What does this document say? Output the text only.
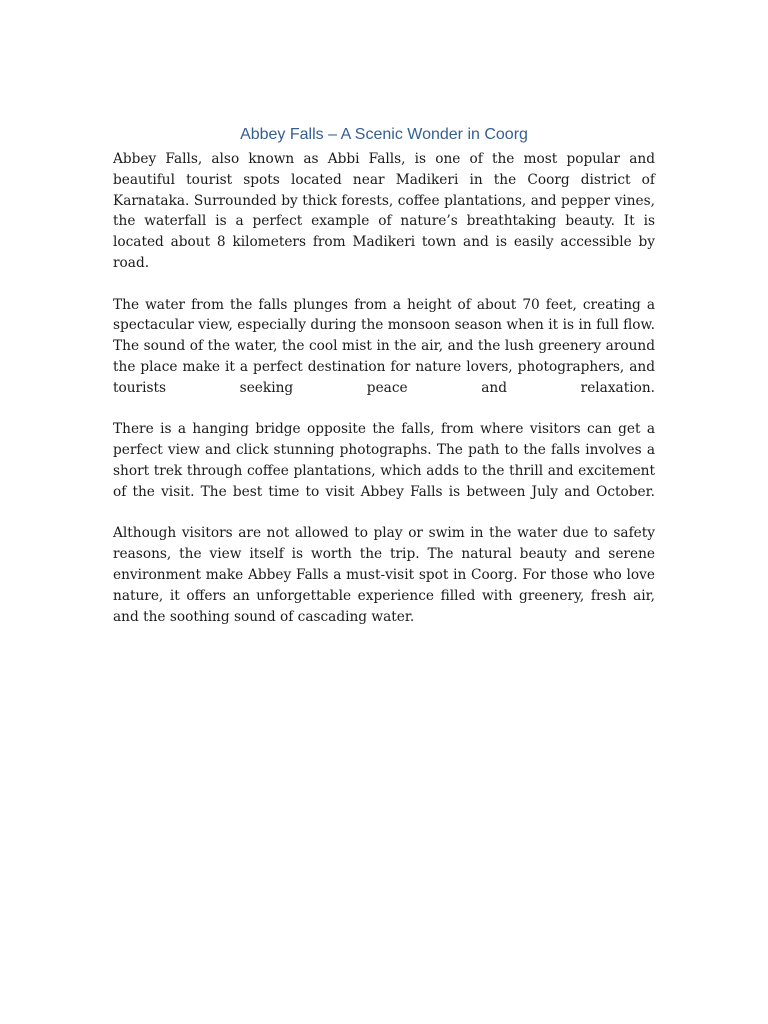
Abbey Falls – A Scenic Wonder in Coorg

Abbey Falls, also known as Abbi Falls, is one of the most popular and beautiful tourist spots located near Madikeri in the Coorg district of Karnataka. Surrounded by thick forests, coffee plantations, and pepper vines, the waterfall is a perfect example of nature’s breathtaking beauty. It is located about 8 kilometers from Madikeri town and is easily accessible by road.

The water from the falls plunges from a height of about 70 feet, creating a spectacular view, especially during the monsoon season when it is in full flow. The sound of the water, the cool mist in the air, and the lush greenery around the place make it a perfect destination for nature lovers, photographers, and tourists seeking peace and relaxation.

There is a hanging bridge opposite the falls, from where visitors can get a perfect view and click stunning photographs. The path to the falls involves a short trek through coffee plantations, which adds to the thrill and excitement of the visit. The best time to visit Abbey Falls is between July and October.

Although visitors are not allowed to play or swim in the water due to safety reasons, the view itself is worth the trip. The natural beauty and serene environment make Abbey Falls a must-visit spot in Coorg. For those who love nature, it offers an unforgettable experience filled with greenery, fresh air, and the soothing sound of cascading water.
